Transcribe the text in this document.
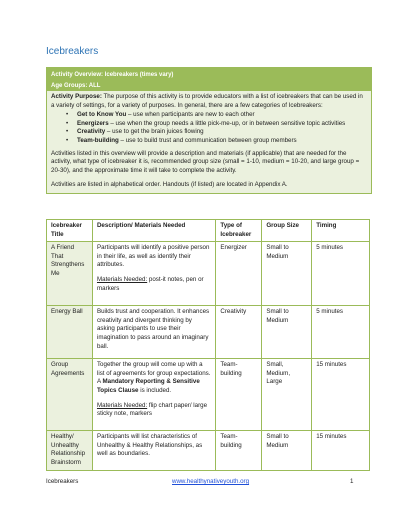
Icebreakers
Activity Overview: Icebreakers (times vary)
Age Groups: ALL

Activity Purpose: The purpose of this activity is to provide educators with a list of icebreakers that can be used in a variety of settings, for a variety of purposes. In general, there are a few categories of Icebreakers:

• Get to Know You – use when participants are new to each other
• Energizers – use when the group needs a little pick-me-up, or in between sensitive topic activities
• Creativity – use to get the brain juices flowing
• Team-building – use to build trust and communication between group members

Activities listed in this overview will provide a description and materials (if applicable) that are needed for the activity, what type of icebreaker it is, recommended group size (small = 1-10, medium = 10-20, and large group = 20-30), and the approximate time it will take to complete the activity.

Activities are listed in alphabetical order. Handouts (if listed) are located in Appendix A.

Icebreaker Title	Description/ Materials Needed	Type of Icebreaker	Group Size	Timing
A Friend That Strengthens Me	Participants will identify a positive person in their life, as well as identify their attributes.
Materials Needed: post-it notes, pen or markers	Energizer	Small to Medium	5 minutes
Energy Ball	Builds trust and cooperation. It enhances creativity and divergent thinking by asking participants to use their imagination to pass around an imaginary ball.	Creativity	Small to Medium	5 minutes
Group Agreements	Together the group will come up with a list of agreements for group expectations. A Mandatory Reporting & Sensitive Topics Clause is included.
Materials Needed: flip chart paper/ large sticky note, markers	Team-building	Small, Medium, Large	15 minutes
Healthy/ Unhealthy Relationship Brainstorm	Participants will list characteristics of Unhealthy & Healthy Relationships, as well as boundaries.	Team-building	Small to Medium	15 minutes
Icebreakers	www.healthynativeyouth.org	1
